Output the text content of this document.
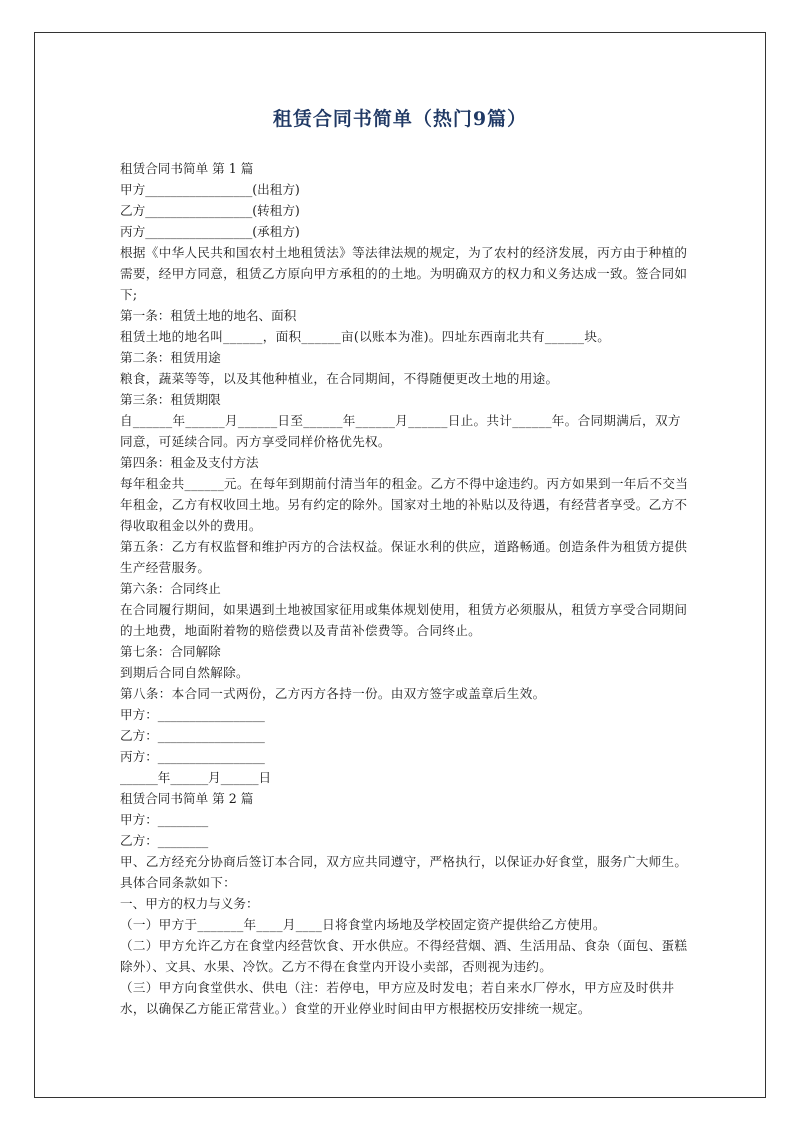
租赁合同书简单（热门9篇）
租赁合同书简单 第 1 篇
甲方_________________(出租方)
乙方_________________(转租方)
丙方_________________(承租方)
根据《中华人民共和国农村土地租赁法》等法律法规的规定，为了农村的经济发展，丙方由于种植的需要，经甲方同意，租赁乙方原向甲方承租的的土地。为明确双方的权力和义务达成一致。签合同如下;
第一条：租赁土地的地名、面积
租赁土地的地名叫______，面积______亩(以账本为准)。四址东西南北共有______块。
第二条：租赁用途
粮食，蔬菜等等，以及其他种植业，在合同期间，不得随便更改土地的用途。
第三条：租赁期限
自______年______月______日至______年______月______日止。共计______年。合同期满后，双方同意，可延续合同。丙方享受同样价格优先权。
第四条：租金及支付方法
每年租金共______元。在每年到期前付清当年的租金。乙方不得中途违约。丙方如果到一年后不交当年租金，乙方有权收回土地。另有约定的除外。国家对土地的补贴以及待遇，有经营者享受。乙方不得收取租金以外的费用。
第五条：乙方有权监督和维护丙方的合法权益。保证水利的供应，道路畅通。创造条件为租赁方提供生产经营服务。
第六条：合同终止
在合同履行期间，如果遇到土地被国家征用或集体规划使用，租赁方必须服从，租赁方享受合同期间的土地费，地面附着物的赔偿费以及青苗补偿费等。合同终止。
第七条：合同解除
到期后合同自然解除。
第八条：本合同一式两份，乙方丙方各持一份。由双方签字或盖章后生效。
甲方：_________________
乙方：_________________
丙方：_________________
______年______月______日
租赁合同书简单 第 2 篇
甲方：________
乙方：________
甲、乙方经充分协商后签订本合同，双方应共同遵守，严格执行，以保证办好食堂，服务广大师生。具体合同条款如下：
一、甲方的权力与义务：
（一）甲方于_______年____月____日将食堂内场地及学校固定资产提供给乙方使用。
（二）甲方允许乙方在食堂内经营饮食、开水供应。不得经营烟、酒、生活用品、食杂（面包、蛋糕除外）、文具、水果、冷饮。乙方不得在食堂内开设小卖部，否则视为违约。
（三）甲方向食堂供水、供电（注：若停电，甲方应及时发电；若自来水厂停水，甲方应及时供井水，以确保乙方能正常营业。）食堂的开业停业时间由甲方根据校历安排统一规定。
